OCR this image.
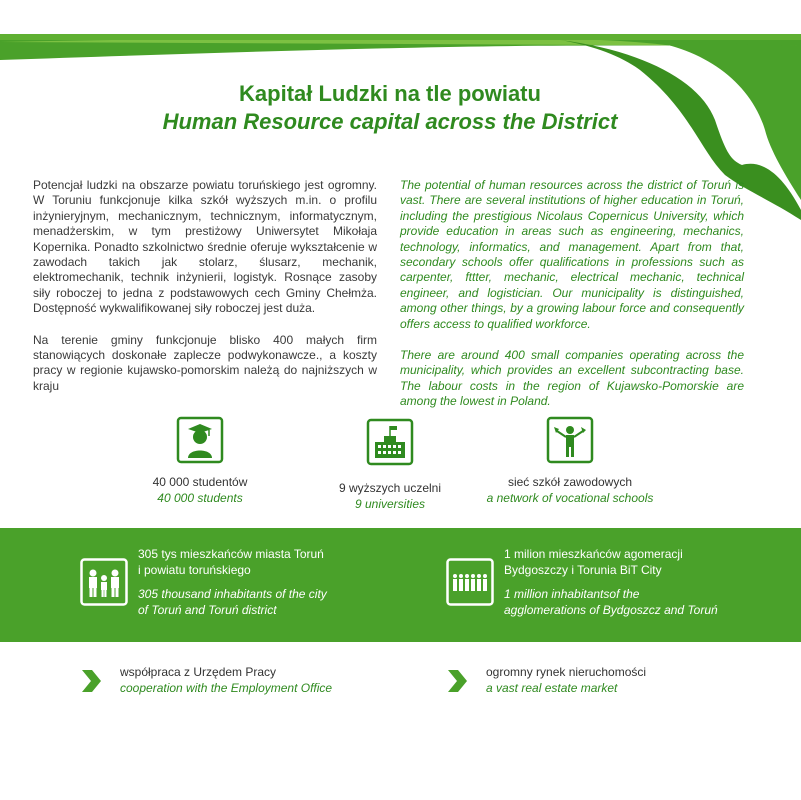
Kapitał Ludzki na tle powiatu
Human Resource capital across the District

Potencjał ludzki na obszarze powiatu toruńskiego jest ogromny. W Toruniu funkcjonuje kilka szkół wyższych m.in. o profilu inżynieryjnym, mechanicznym, technicznym, informatycznym, menadżerskim, w tym prestiżowy Uniwersytet Mikołaja Kopernika. Ponadto szkolnictwo średnie oferuje wykształcenie w zawodach takich jak stolarz, ślusarz, mechanik, elektromechanik, technik inżynierii, logistyk. Rosnące zasoby siły roboczej to jedna z podstawowych cech Gminy Chełmża. Dostępność wykwalifikowanej siły roboczej jest duża.

Na terenie gminy funkcjonuje blisko 400 małych firm stanowiących doskonałe zaplecze podwykonawcze., a koszty pracy w regionie kujawsko-pomorskim należą do najniższych w kraju

The potential of human resources across the district of Toruń is vast. There are several institutions of higher education in Toruń, including the prestigious Nicolaus Copernicus University, which provide education in areas such as engineering, mechanics, technology, informatics, and management. Apart from that, secondary schools offer qualifications in professions such as carpenter, fttter, mechanic, electrical mechanic, technical engineer, and logistician. Our municipality is distinguished, among other things, by a growing labour force and consequently offers access to qualified workforce.

There are around 400 small companies operating across the municipality, which provides an excellent subcontracting base. The labour costs in the region of Kujawsko-Pomorskie are among the lowest in Poland.

40 000 studentów
40 000 students
9 wyższych uczelni
9 universities
sieć szkół zawodowych
a network of vocational schools
305 tys mieszkańców miasta Toruń
i powiatu toruńskiego
305 thousand inhabitants of the city
of Toruń and Toruń district
1 milion mieszkańców agomeracji
Bydgoszczy i Torunia BiT City
1 million inhabitantsof the
agglomerations of Bydgoszcz and Toruń
współpraca z Urzędem Pracy
cooperation with the Employment Office
ogromny rynek nieruchomości
a vast real estate market
